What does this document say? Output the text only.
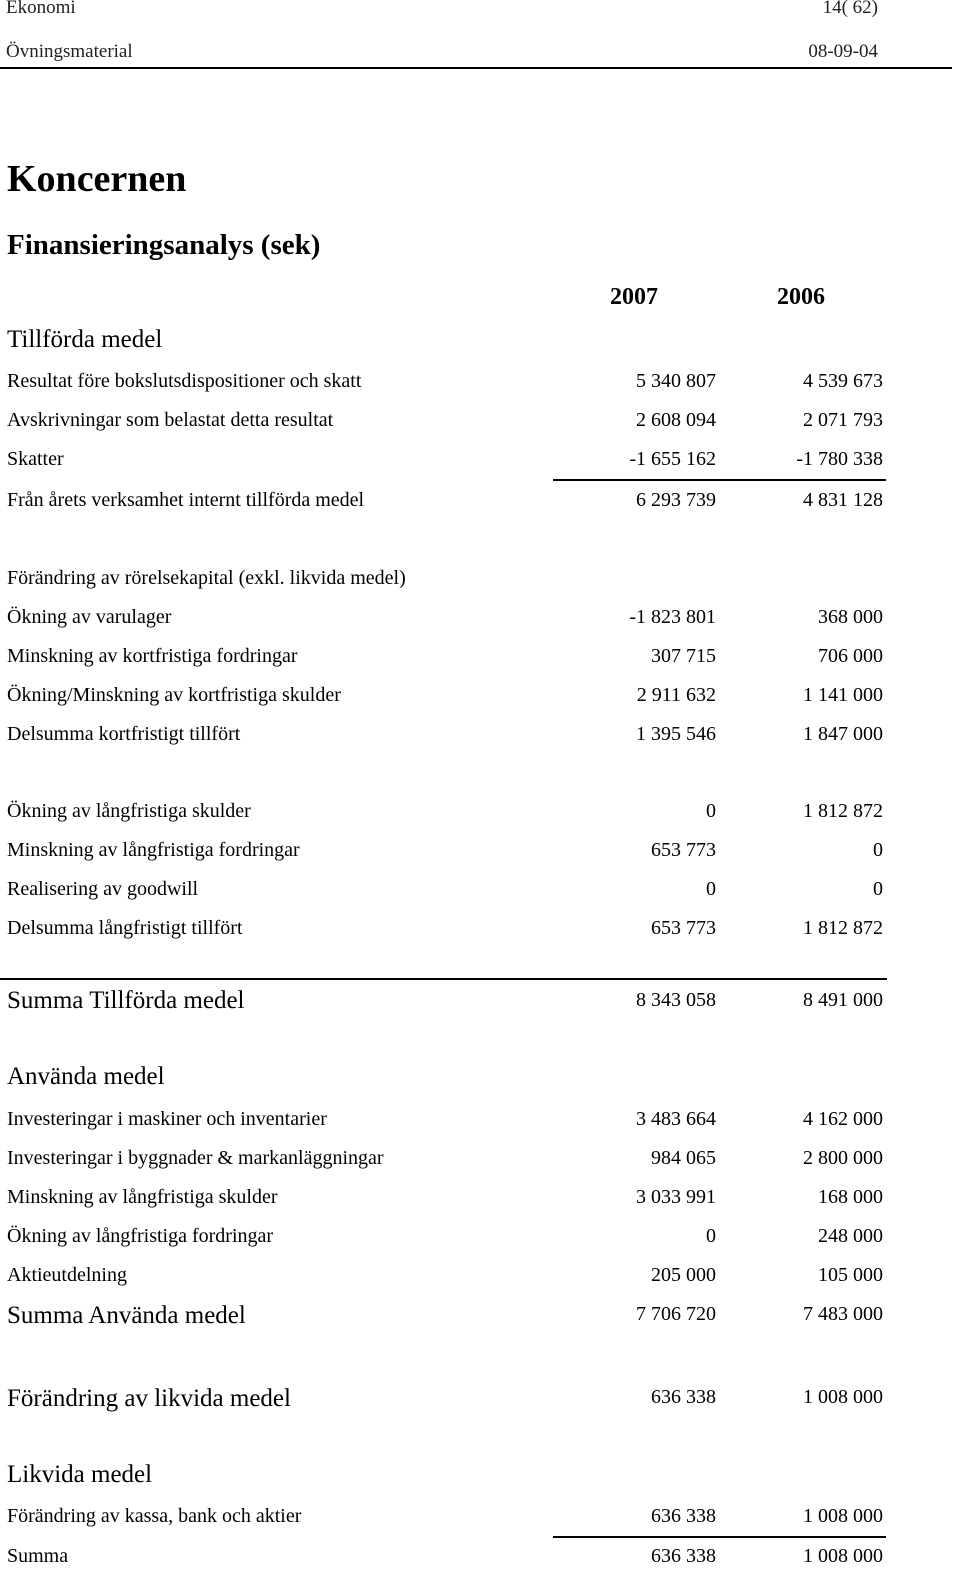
Ekonomi	14( 62)
Övningsmaterial	08-09-04
Koncernen
Finansieringsanalys (sek)
2007	2006
Tillförda medel
Resultat före bokslutsdispositioner och skatt	5 340 807	4 539 673
Avskrivningar som belastat detta resultat	2 608 094	2 071 793
Skatter	-1 655 162	-1 780 338
Från årets verksamhet internt tillförda medel	6 293 739	4 831 128
Förändring av rörelsekapital (exkl. likvida medel)
Ökning av varulager	-1 823 801	368 000
Minskning av kortfristiga fordringar	307 715	706 000
Ökning/Minskning av kortfristiga skulder	2 911 632	1 141 000
Delsumma kortfristigt tillfört	1 395 546	1 847 000
Ökning av långfristiga skulder	0	1 812 872
Minskning av långfristiga fordringar	653 773	0
Realisering av goodwill	0	0
Delsumma långfristigt tillfört	653 773	1 812 872
Summa Tillförda medel	8 343 058	8 491 000
Använda medel
Investeringar i maskiner och inventarier	3 483 664	4 162 000
Investeringar i byggnader & markanläggningar	984 065	2 800 000
Minskning av långfristiga skulder	3 033 991	168 000
Ökning av långfristiga fordringar	0	248 000
Aktieutdelning	205 000	105 000
Summa Använda medel	7 706 720	7 483 000
Förändring av likvida medel	636 338	1 008 000
Likvida medel
Förändring av kassa, bank och aktier	636 338	1 008 000
Summa	636 338	1 008 000
